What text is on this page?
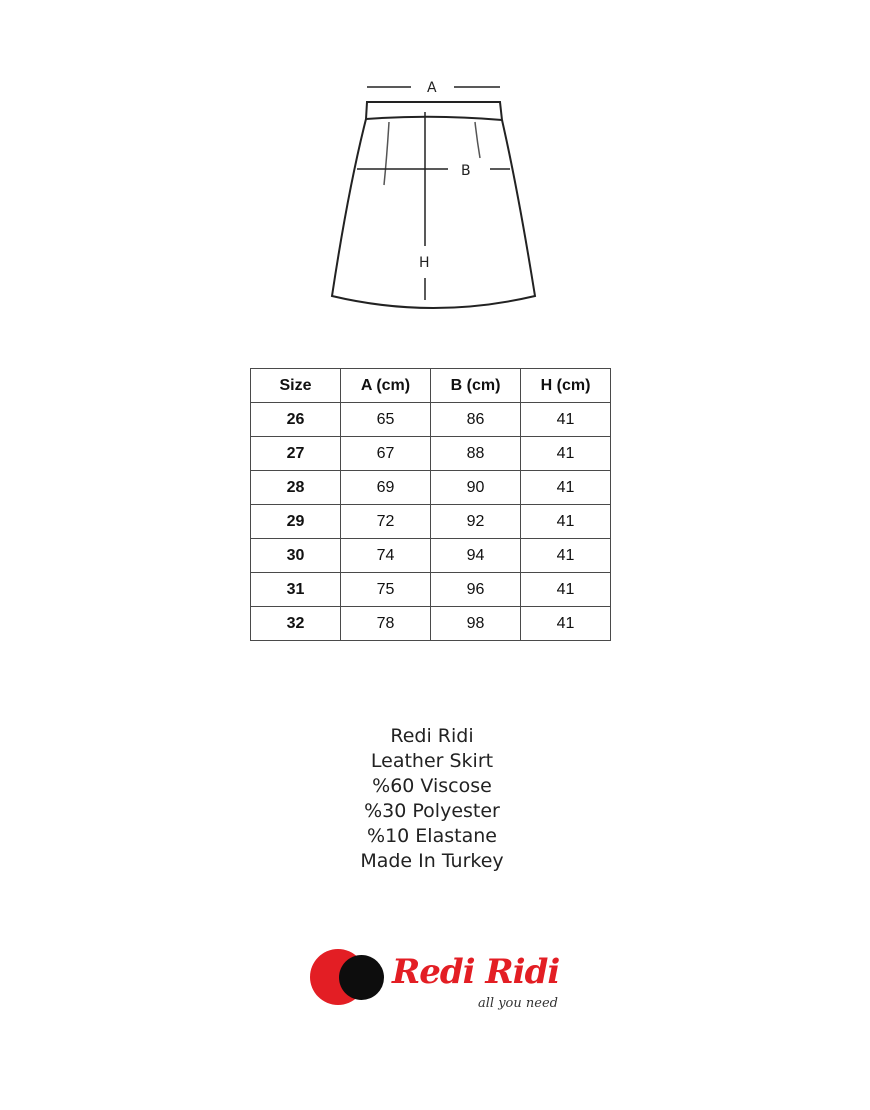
A
B
H
Size	A (cm)	B (cm)	H (cm)
26	65	86	41
27	67	88	41
28	69	90	41
29	72	92	41
30	74	94	41
31	75	96	41
32	78	98	41
Redi Ridi
Leather Skirt
%60 Viscose
%30 Polyester
%10 Elastane
Made In Turkey
Redi Ridi
all you need
